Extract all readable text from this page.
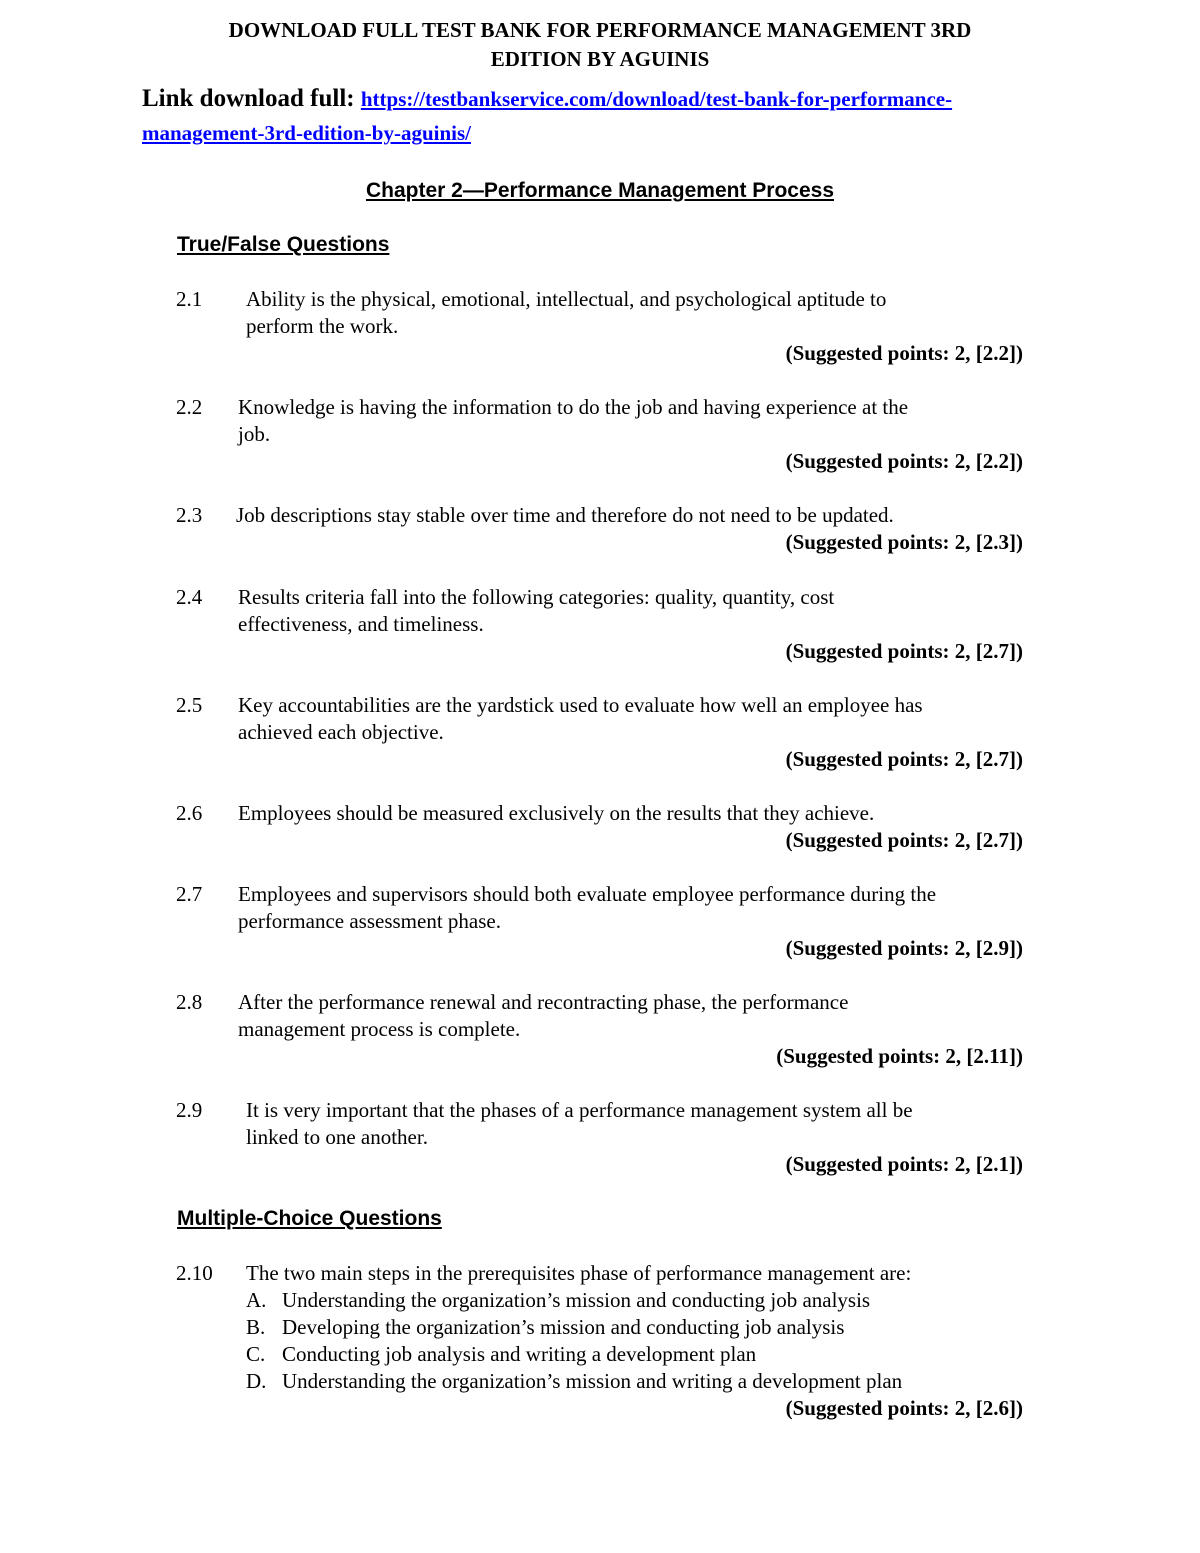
DOWNLOAD FULL TEST BANK FOR PERFORMANCE MANAGEMENT 3RD
EDITION BY AGUINIS
Link download full: https://testbankservice.com/download/test-bank-for-performance-
management-3rd-edition-by-aguinis/
Chapter 2—Performance Management Process
True/False Questions
2.1 Ability is the physical, emotional, intellectual, and psychological aptitude to
perform the work.
(Suggested points: 2, [2.2])
2.2 Knowledge is having the information to do the job and having experience at the
job.
(Suggested points: 2, [2.2])
2.3 Job descriptions stay stable over time and therefore do not need to be updated.
(Suggested points: 2, [2.3])
2.4 Results criteria fall into the following categories: quality, quantity, cost
effectiveness, and timeliness.
(Suggested points: 2, [2.7])
2.5 Key accountabilities are the yardstick used to evaluate how well an employee has
achieved each objective.
(Suggested points: 2, [2.7])
2.6 Employees should be measured exclusively on the results that they achieve.
(Suggested points: 2, [2.7])
2.7 Employees and supervisors should both evaluate employee performance during the
performance assessment phase.
(Suggested points: 2, [2.9])
2.8 After the performance renewal and recontracting phase, the performance
management process is complete.
(Suggested points: 2, [2.11])
2.9 It is very important that the phases of a performance management system all be
linked to one another.
(Suggested points: 2, [2.1])
Multiple-Choice Questions
2.10 The two main steps in the prerequisites phase of performance management are:
A. Understanding the organization’s mission and conducting job analysis
B. Developing the organization’s mission and conducting job analysis
C. Conducting job analysis and writing a development plan
D. Understanding the organization’s mission and writing a development plan
(Suggested points: 2, [2.6])
